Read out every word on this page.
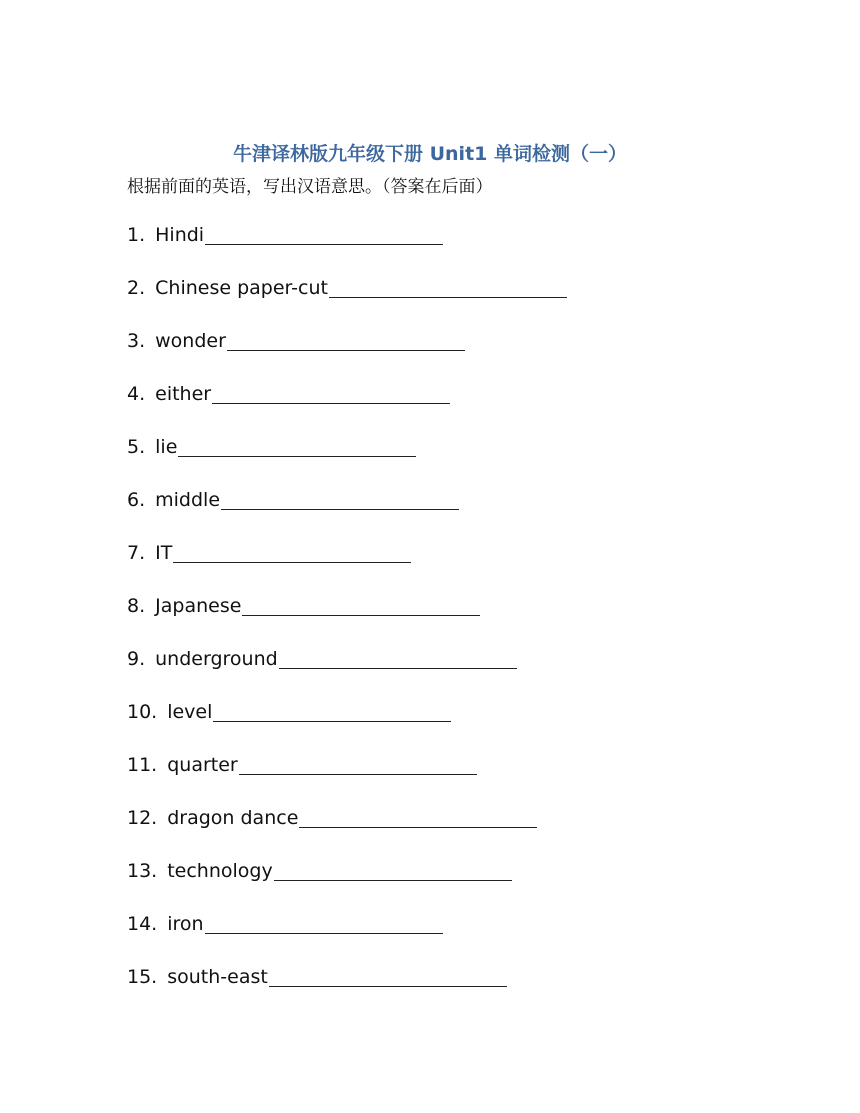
牛津译林版九年级下册 Unit1 单词检测（一）
根据前面的英语，写出汉语意思。（答案在后面）
1. Hindi
2. Chinese paper-cut
3. wonder
4. either
5. lie
6. middle
7. IT
8. Japanese
9. underground
10. level
11. quarter
12. dragon dance
13. technology
14. iron
15. south-east
